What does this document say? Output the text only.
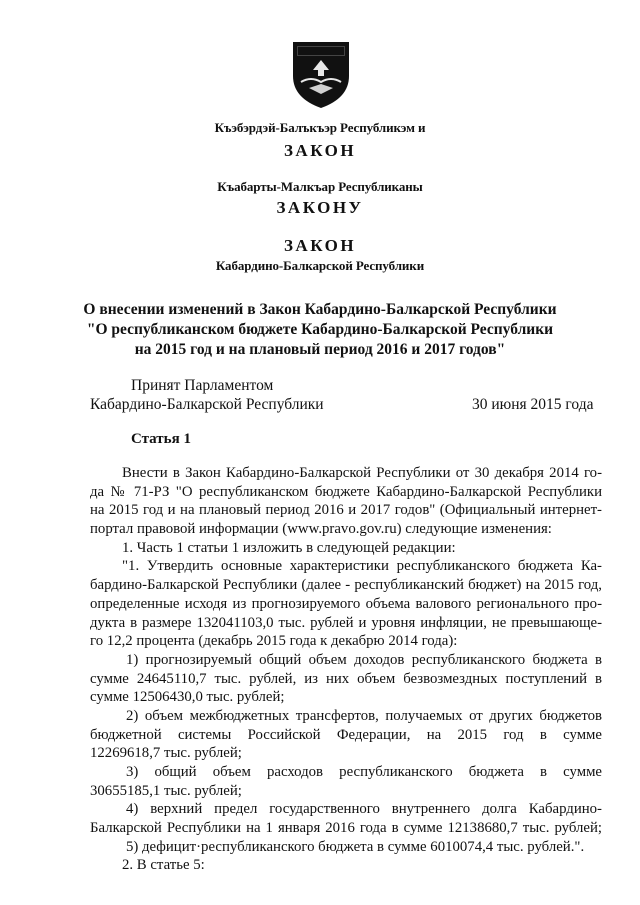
Къэбэрдэй-Балъкъэр Республикэм и
ЗАКОН
Къабарты-Малкъар Республиканы
ЗАКОНУ
ЗАКОН
Кабардино-Балкарской Республики
О внесении изменений в Закон Кабардино-Балкарской Республики
"О республиканском бюджете Кабардино-Балкарской Республики
на 2015 год и на плановый период 2016 и 2017 годов"
Принят Парламентом
Кабардино-Балкарской Республики	30 июня 2015 года
Статья 1
Внести в Закон Кабардино-Балкарской Республики от 30 декабря 2014 го-
да № 71-РЗ "О республиканском бюджете Кабардино-Балкарской Республики
на 2015 год и на плановый период 2016 и 2017 годов" (Официальный интернет-
портал правовой информации (www.pravo.gov.ru) следующие изменения:
1. Часть 1 статьи 1 изложить в следующей редакции:
"1. Утвердить основные характеристики республиканского бюджета Ка-
бардино-Балкарской Республики (далее - республиканский бюджет) на 2015 год,
определенные исходя из прогнозируемого объема валового регионального про-
дукта в размере 132041103,0 тыс. рублей и уровня инфляции, не превышающе-
го 12,2 процента (декабрь 2015 года к декабрю 2014 года):
1) прогнозируемый общий объем доходов республиканского бюджета в
сумме 24645110,7 тыс. рублей, из них объем безвозмездных поступлений в
сумме 12506430,0 тыс. рублей;
2) объем межбюджетных трансфертов, получаемых от других бюджетов
бюджетной системы Российской Федерации, на 2015 год в сумме
12269618,7 тыс. рублей;
3) общий объем расходов республиканского бюджета в сумме
30655185,1 тыс. рублей;
4) верхний предел государственного внутреннего долга Кабардино-
Балкарской Республики на 1 января 2016 года в сумме 12138680,7 тыс. рублей;
5) дефицит·республиканского бюджета в сумме 6010074,4 тыс. рублей.".
2. В статье 5:
